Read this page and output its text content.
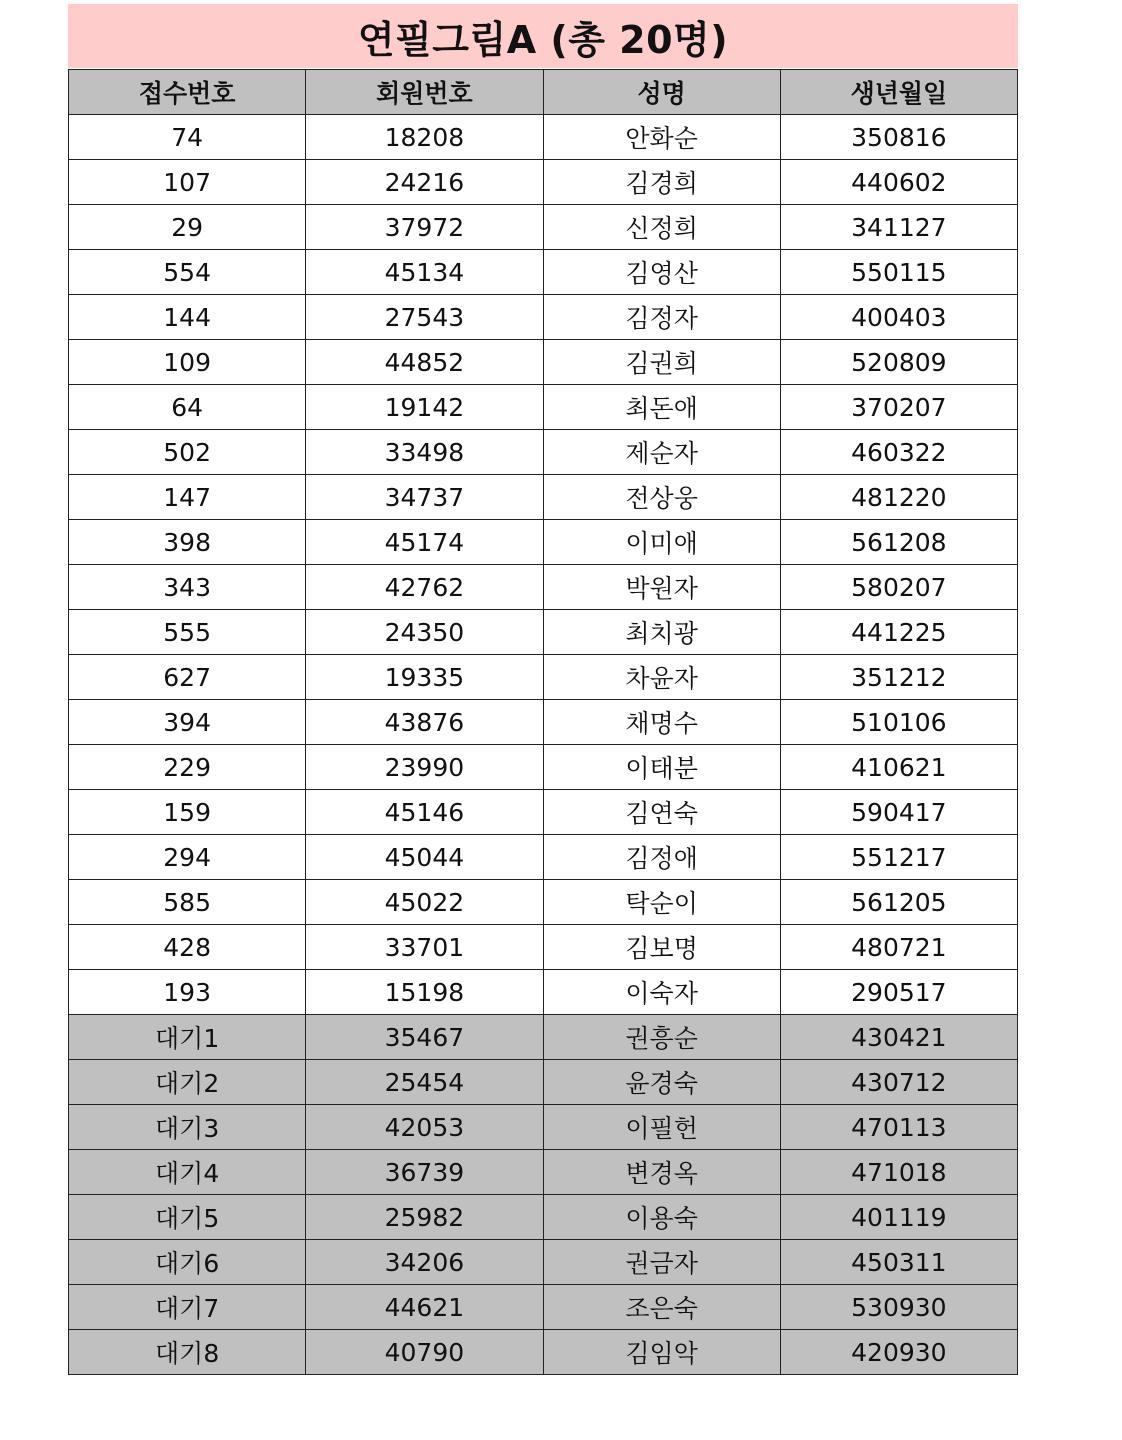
연필그림A (총 20명)
접수번호	회원번호	성명	생년월일
74	18208	안화순	350816
107	24216	김경희	440602
29	37972	신정희	341127
554	45134	김영산	550115
144	27543	김정자	400403
109	44852	김권희	520809
64	19142	최돈애	370207
502	33498	제순자	460322
147	34737	전상웅	481220
398	45174	이미애	561208
343	42762	박원자	580207
555	24350	최치광	441225
627	19335	차윤자	351212
394	43876	채명수	510106
229	23990	이태분	410621
159	45146	김연숙	590417
294	45044	김정애	551217
585	45022	탁순이	561205
428	33701	김보명	480721
193	15198	이숙자	290517
대기1	35467	권흥순	430421
대기2	25454	윤경숙	430712
대기3	42053	이필헌	470113
대기4	36739	변경옥	471018
대기5	25982	이용숙	401119
대기6	34206	권금자	450311
대기7	44621	조은숙	530930
대기8	40790	김임악	420930
